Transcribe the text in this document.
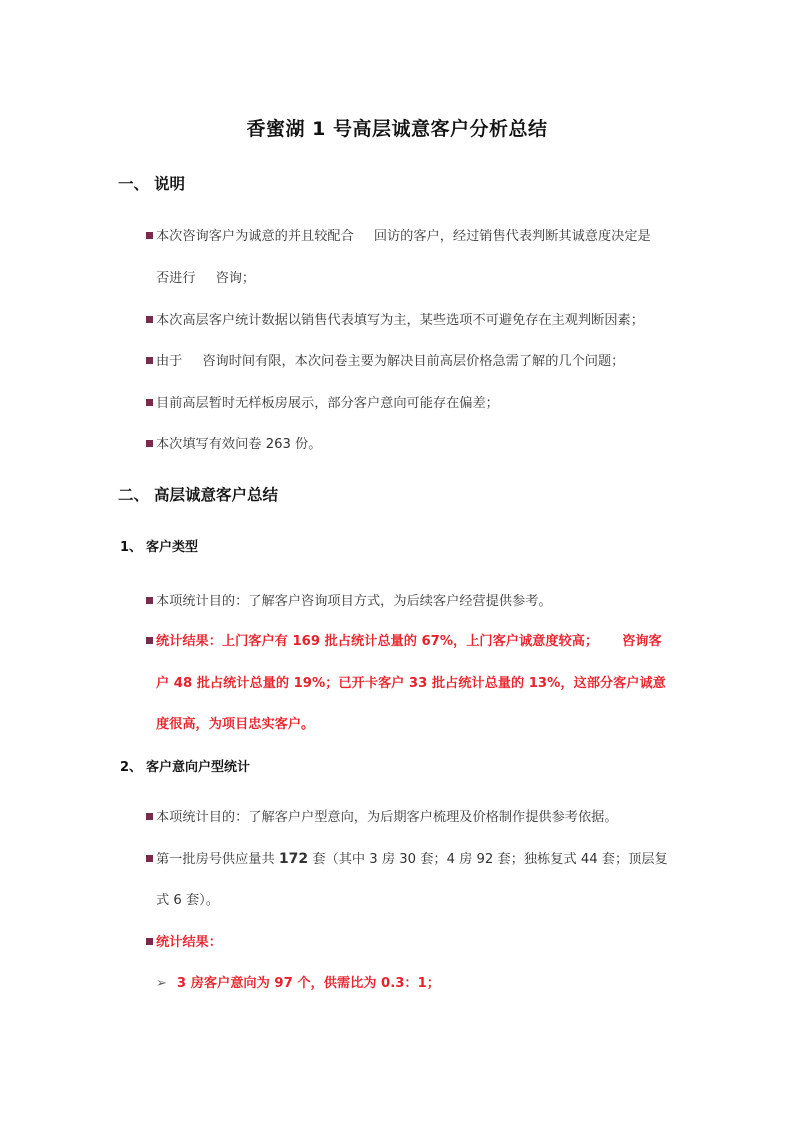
香蜜湖 1 号高层诚意客户分析总结
一、 说明
本次咨询客户为诚意的并且较配合 回访的客户，经过销售代表判断其诚意度决定是
否进行 咨询；
本次高层客户统计数据以销售代表填写为主，某些选项不可避免存在主观判断因素；
由于 咨询时间有限，本次问卷主要为解决目前高层价格急需了解的几个问题；
目前高层暂时无样板房展示，部分客户意向可能存在偏差；
本次填写有效问卷 263 份。
二、 高层诚意客户总结
1、 客户类型
本项统计目的：了解客户咨询项目方式，为后续客户经营提供参考。
统计结果：上门客户有 169 批占统计总量的 67%，上门客户诚意度较高； 咨询客
户 48 批占统计总量的 19%；已开卡客户 33 批占统计总量的 13%，这部分客户诚意
度很高，为项目忠实客户。
2、 客户意向户型统计
本项统计目的：了解客户户型意向，为后期客户梳理及价格制作提供参考依据。
第一批房号供应量共 172 套（其中 3 房 30 套；4 房 92 套；独栋复式 44 套；顶层复
式 6 套）。
统计结果：
➢ 3 房客户意向为 97 个，供需比为 0.3：1；
